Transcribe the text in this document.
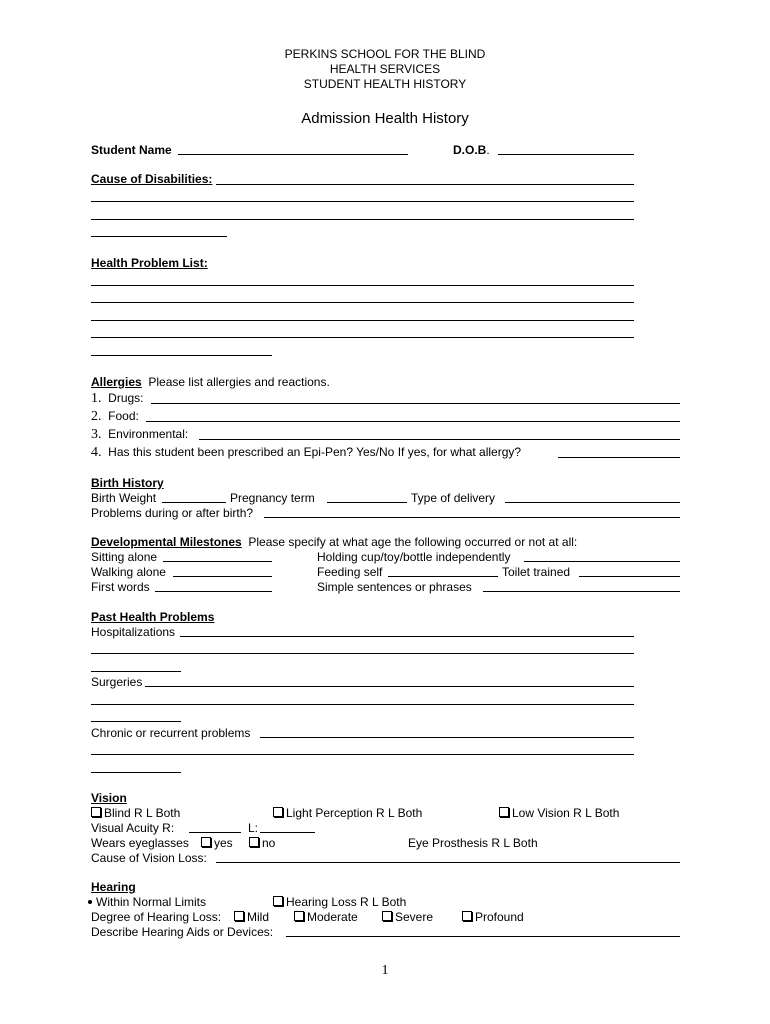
PERKINS SCHOOL FOR THE BLIND
HEALTH SERVICES
STUDENT HEALTH HISTORY
Admission Health History
Student Name	D.O.B.
Cause of Disabilities:
Health Problem List:
Allergies Please list allergies and reactions.
1. Drugs:
2. Food:
3. Environmental:
4. Has this student been prescribed an Epi-Pen? Yes/No If yes, for what allergy?
Birth History
Birth Weight	Pregnancy term	Type of delivery
Problems during or after birth?
Developmental Milestones Please specify at what age the following occurred or not at all:
Sitting alone	Holding cup/toy/bottle independently
Walking alone	Feeding self	Toilet trained
First words	Simple sentences or phrases
Past Health Problems
Hospitalizations
Surgeries
Chronic or recurrent problems
Vision
Blind R L Both	Light Perception R L Both	Low Vision R L Both
Visual Acuity R:	L:
Wears eyeglasses	yes	no	Eye Prosthesis R L Both
Cause of Vision Loss:
Hearing
Within Normal Limits	Hearing Loss R L Both
Degree of Hearing Loss:	Mild	Moderate	Severe	Profound
Describe Hearing Aids or Devices:
1
